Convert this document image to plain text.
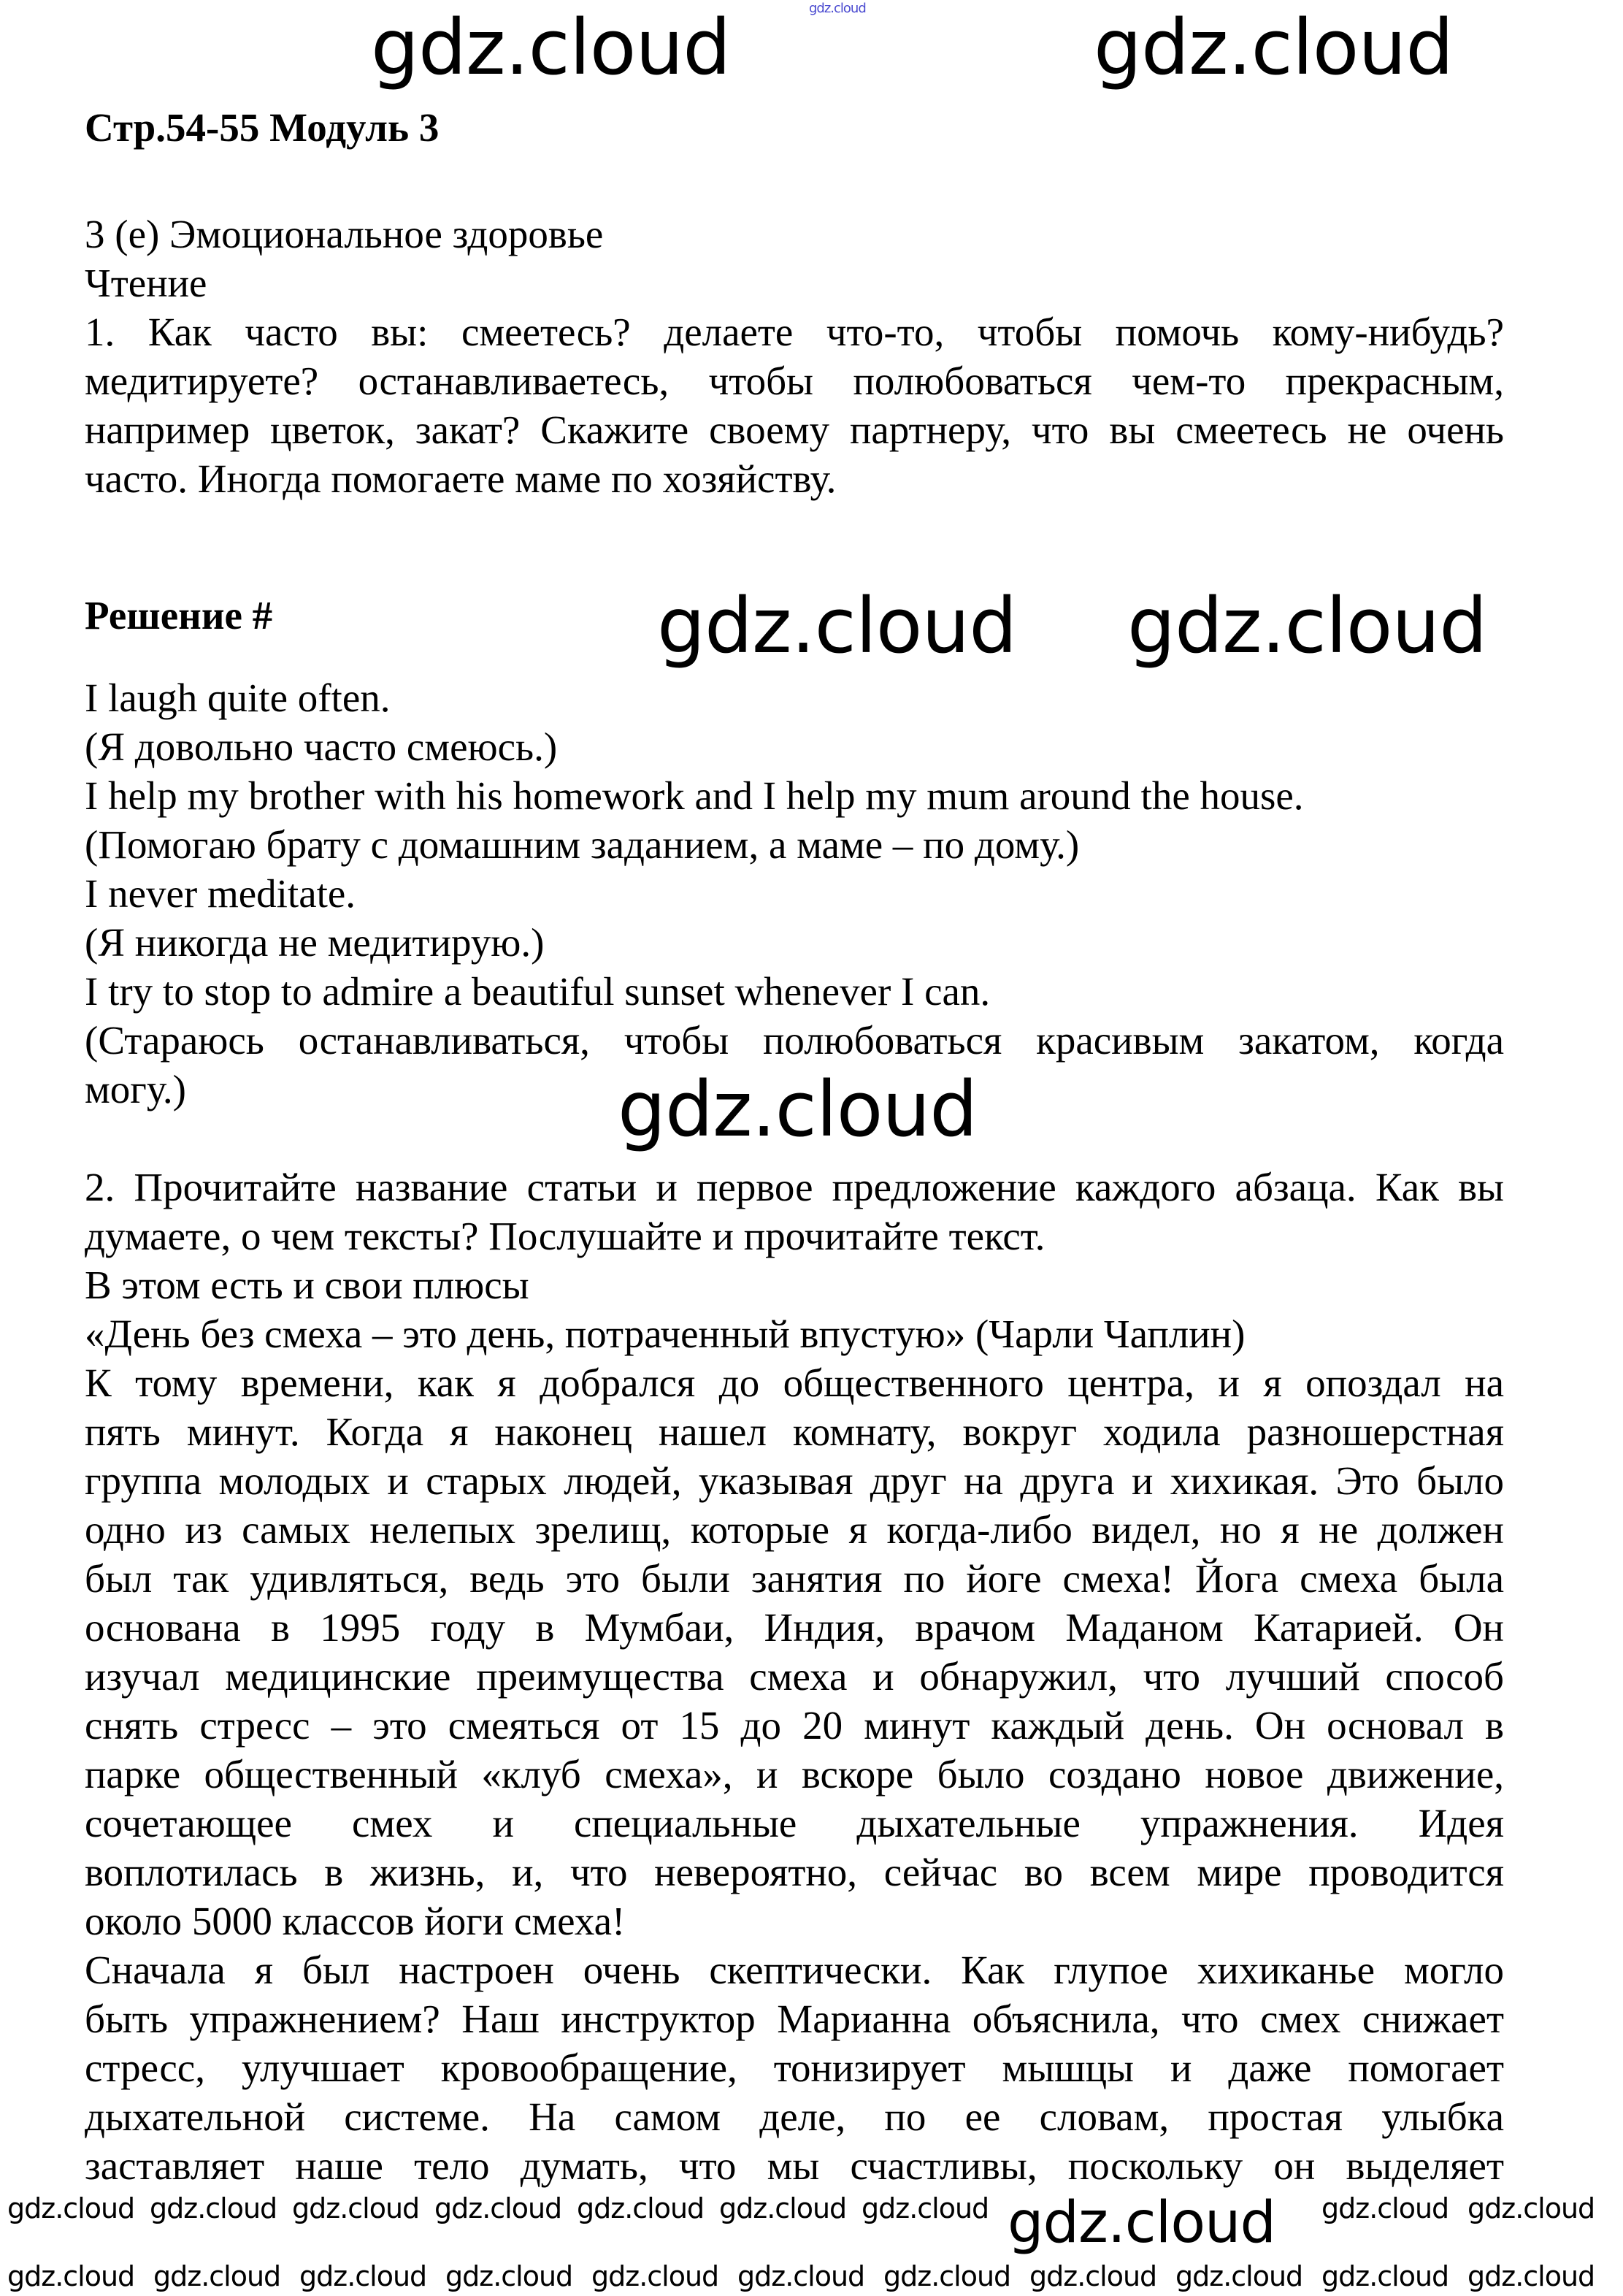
gdz.cloud
Стр.54-55 Модуль 3
3 (e) Эмоциональное здоровье
Чтение
1. Как часто вы: смеетесь? делаете что-то, чтобы помочь кому-нибудь?
медитируете? останавливаетесь, чтобы полюбоваться чем-то прекрасным,
например цветок, закат? Скажите своему партнеру, что вы смеетесь не очень
часто. Иногда помогаете маме по хозяйству.
Решение #
I laugh quite often.
(Я довольно часто смеюсь.)
I help my brother with his homework and I help my mum around the house.
(Помогаю брату с домашним заданием, а маме – по дому.)
I never meditate.
(Я никогда не медитирую.)
I try to stop to admire a beautiful sunset whenever I can.
(Стараюсь останавливаться, чтобы полюбоваться красивым закатом, когда
могу.)
2. Прочитайте название статьи и первое предложение каждого абзаца. Как вы
думаете, о чем тексты? Послушайте и прочитайте текст.
В этом есть и свои плюсы
«День без смеха – это день, потраченный впустую» (Чарли Чаплин)
К тому времени, как я добрался до общественного центра, и я опоздал на
пять минут. Когда я наконец нашел комнату, вокруг ходила разношерстная
группа молодых и старых людей, указывая друг на друга и хихикая. Это было
одно из самых нелепых зрелищ, которые я когда-либо видел, но я не должен
был так удивляться, ведь это были занятия по йоге смеха! Йога смеха была
основана в 1995 году в Мумбаи, Индия, врачом Маданом Катарией. Он
изучал медицинские преимущества смеха и обнаружил, что лучший способ
снять стресс – это смеяться от 15 до 20 минут каждый день. Он основал в
парке общественный «клуб смеха», и вскоре было создано новое движение,
сочетающее смех и специальные дыхательные упражнения. Идея
воплотилась в жизнь, и, что невероятно, сейчас во всем мире проводится
около 5000 классов йоги смеха!
Сначала я был настроен очень скептически. Как глупое хихиканье могло
быть упражнением? Наш инструктор Марианна объяснила, что смех снижает
стресс, улучшает кровообращение, тонизирует мышцы и даже помогает
дыхательной системе. На самом деле, по ее словам, простая улыбка
заставляет наше тело думать, что мы счастливы, поскольку он выделяет
gdz.cloud	gdz.cloud
gdz.cloud
gdz.cloud
gdz.cloud
gdz.cloud
gdz.cloud gdz.cloud gdz.cloud gdz.cloud gdz.cloud gdz.cloud gdz.cloud	gdz.cloud gdz.cloud
gdz.cloud gdz.cloud gdz.cloud gdz.cloud gdz.cloud gdz.cloud gdz.cloud gdz.cloud gdz.cloud gdz.cloud gdz.cloud
